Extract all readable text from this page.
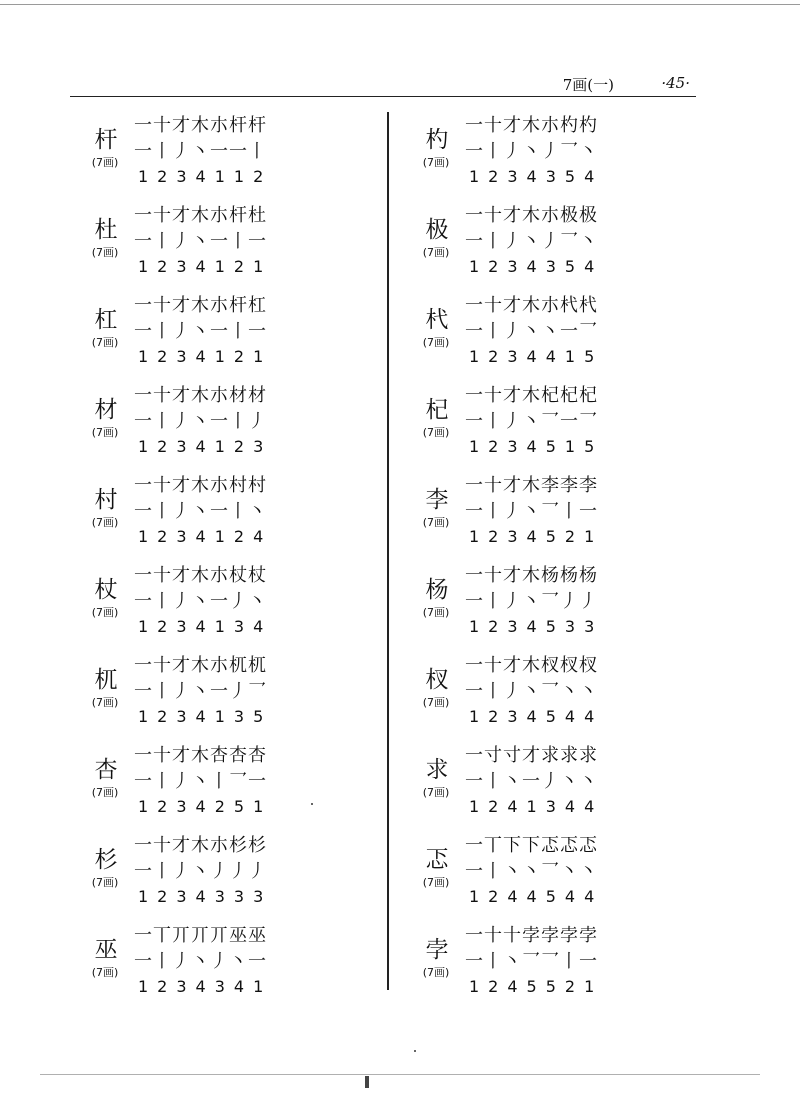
7画(一)	·45·
杆
(7画)
一十才木朩杆杆
一丨丿丶一一丨
1234112
杜
(7画)
一十才木朩杆杜
一丨丿丶一丨一
1234121
杠
(7画)
一十才木朩杆杠
一丨丿丶一丨一
1234121
材
(7画)
一十才木朩材材
一丨丿丶一丨丿
1234123
村
(7画)
一十才木朩村村
一丨丿丶一丨丶
1234124
杖
(7画)
一十才木朩杖杖
一丨丿丶一丿丶
1234134
杌
(7画)
一十才木朩杌杌
一丨丿丶一丿乛
1234135
杏
(7画)
一十才木杏杏杏
一丨丿丶丨乛一
1234251
杉
(7画)
一十才木朩杉杉
一丨丿丶丿丿丿
1234333
巫
(7画)
一丅丌丌丌巫巫
一丨丿丶丿丶一
1234341
杓
(7画)
一十才木朩杓杓
一丨丿丶丿乛丶
1234354
极
(7画)
一十才木朩极极
一丨丿丶丿乛丶
1234354
杙
(7画)
一十才木朩杙杙
一丨丿丶丶一乛
1234415
杞
(7画)
一十才木杞杞杞
一丨丿丶乛一乛
1234515
李
(7画)
一十才木李李李
一丨丿丶乛丨一
1234521
杨
(7画)
一十才木杨杨杨
一丨丿丶乛丿丿
1234533
杈
(7画)
一十才木杈杈杈
一丨丿丶乛丶丶
1234544
求
(7画)
一寸寸才求求求
一丨丶一丿丶丶
1241344
忑
(7画)
一丅下下忑忑忑
一丨丶丶乛丶丶
1244544
孛
(7画)
一十十孛孛孛孛
一丨丶乛乛丨一
1245521
